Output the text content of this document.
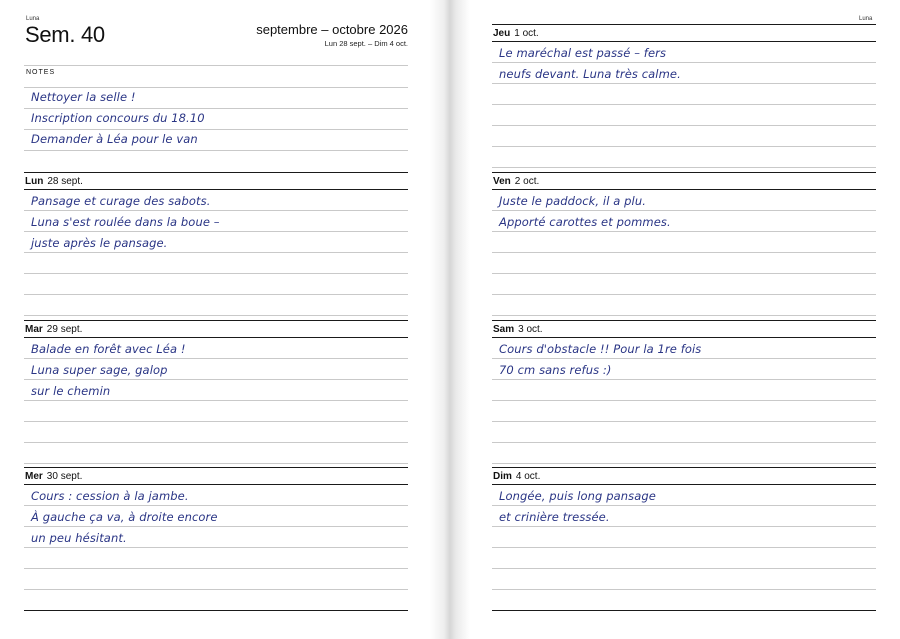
Luna	Luna
Sem. 40	septembre – octobre 2026
Lun 28 sept. – Dim 4 oct.
NOTES
Nettoyer la selle !
Inscription concours du 18.10
Demander à Léa pour le van
Lun 28 sept.
Pansage et curage des sabots.
Luna s'est roulée dans la boue –
juste après le pansage.
Mar 29 sept.
Balade en forêt avec Léa !
Luna super sage, galop
sur le chemin
Mer 30 sept.
Cours : cession à la jambe.
À gauche ça va, à droite encore
un peu hésitant.
Jeu 1 oct.
Le maréchal est passé – fers
neufs devant. Luna très calme.
Ven 2 oct.
Juste le paddock, il a plu.
Apporté carottes et pommes.
Sam 3 oct.
Cours d'obstacle !! Pour la 1re fois
70 cm sans refus :)
Dim 4 oct.
Longée, puis long pansage
et crinière tressée.
